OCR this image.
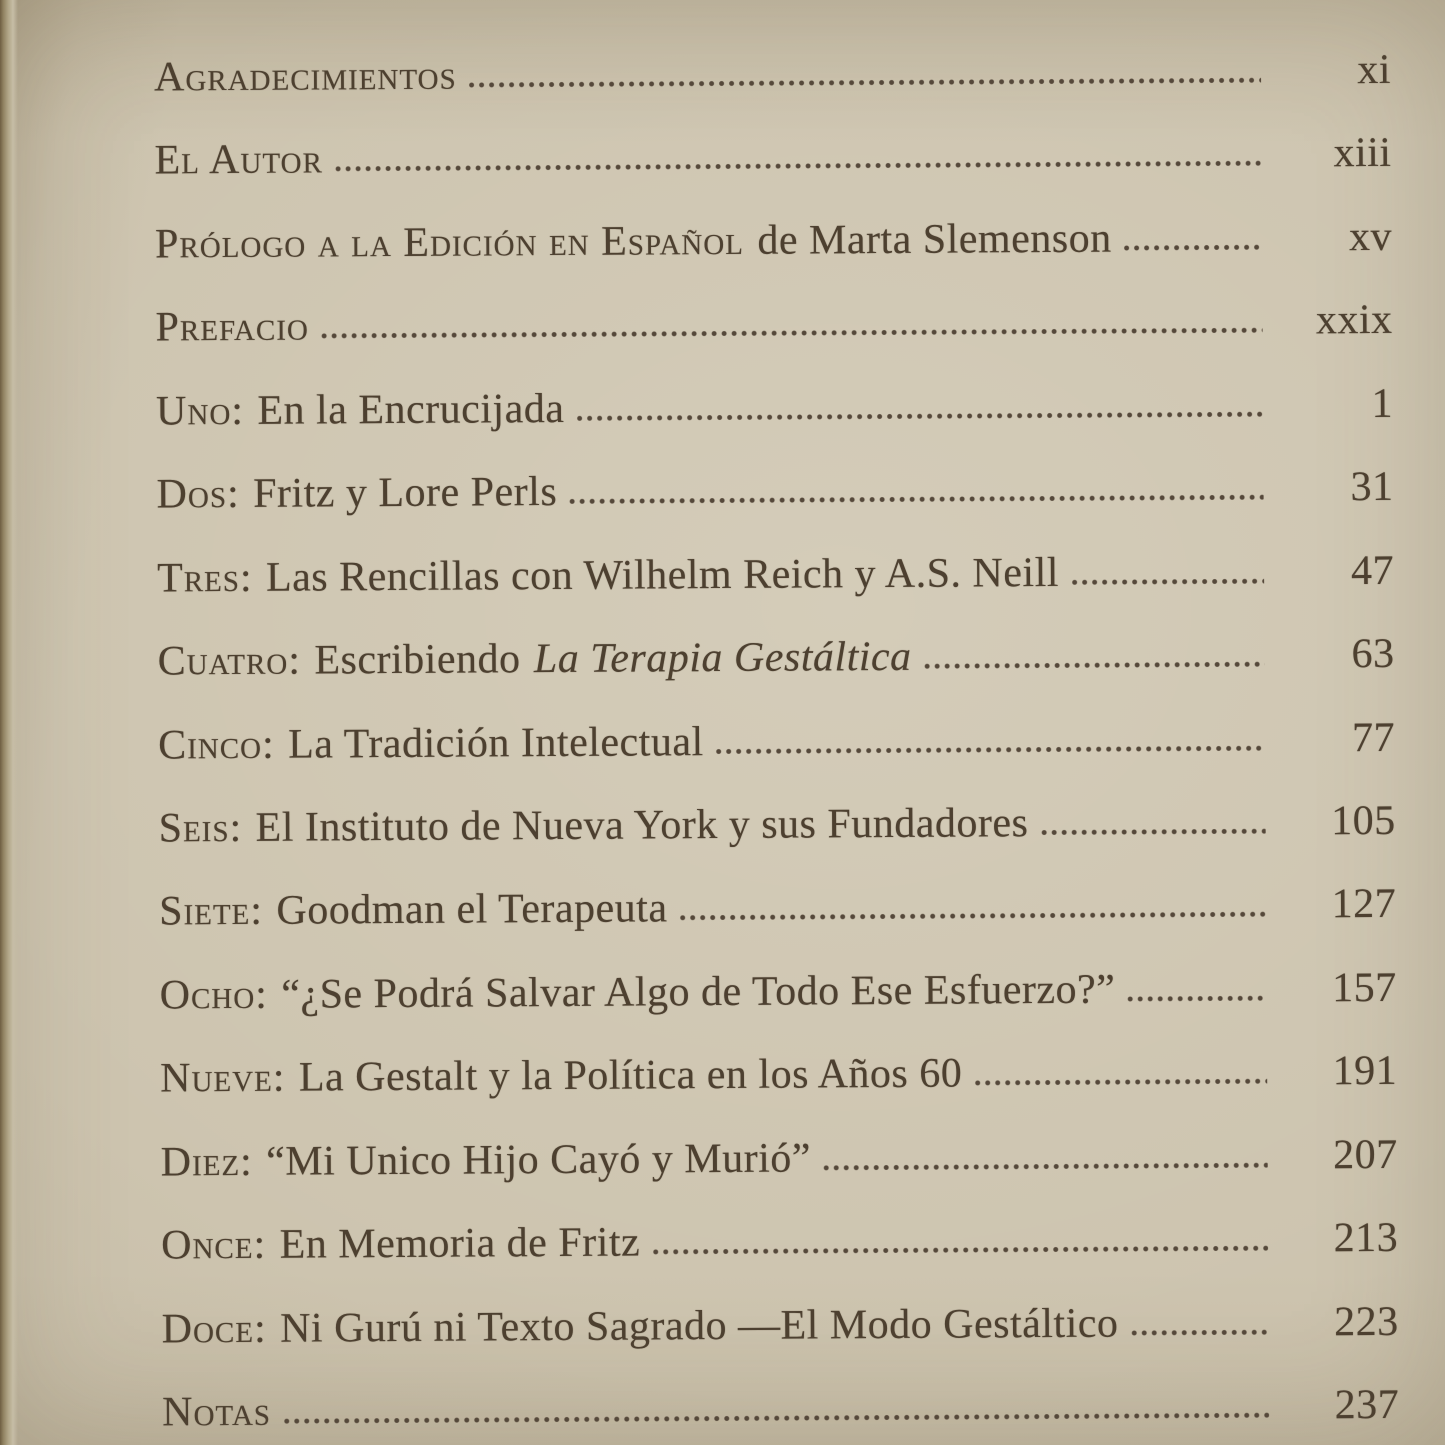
Agradecimientos	xi
El Autor	xiii
Prólogo a la Edición en Español de Marta Slemenson	xv
Prefacio	xxix
Uno: En la Encrucijada	1
Dos: Fritz y Lore Perls	31
Tres: Las Rencillas con Wilhelm Reich y A.S. Neill	47
Cuatro: Escribiendo La Terapia Gestáltica	63
Cinco: La Tradición Intelectual	77
Seis: El Instituto de Nueva York y sus Fundadores	105
Siete: Goodman el Terapeuta	127
Ocho: “¿Se Podrá Salvar Algo de Todo Ese Esfuerzo?”	157
Nueve: La Gestalt y la Política en los Años 60	191
Diez: “Mi Unico Hijo Cayó y Murió”	207
Once: En Memoria de Fritz	213
Doce: Ni Gurú ni Texto Sagrado —El Modo Gestáltico	223
Notas	237
